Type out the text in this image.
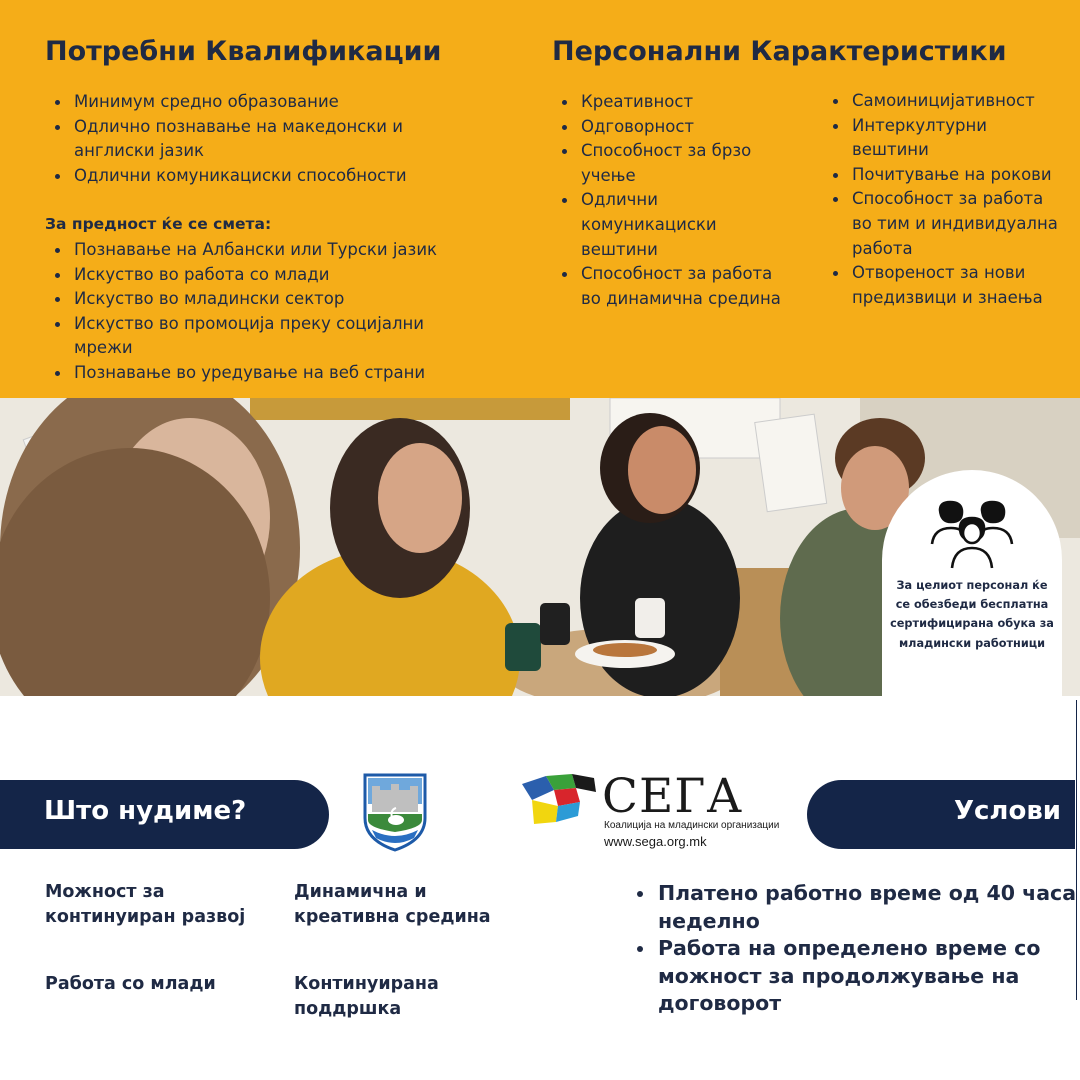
Потребни Квалификации
Минимум средно образование
Одлично познавање на македонски и англиски јазик
Одлични комуникациски способности
За предност ќе се смета:
Познавање на Албански или Турски јазик
Искуство во работа со млади
Искуство во младински сектор
Искуство во промоција преку социјални мрежи
Познавање во уредување на веб страни
Персонални Карактеристики
Креативност
Одговорност
Способност за брзо учење
Одлични комуникациски вештини
Способност за работа во динамична средина
Самоиницијативност
Интеркултурни вештини
Почитување на рокови
Способност за работа во тим и индивидуална работа
Отвореност за нови предизвици и знаења
За целиот персонал ќе се обезбеди бесплатна сертифицирана обука за младински работници
Што нудиме?	Услови
СЕГА
Коалиција на младински организации
www.sega.org.mk
Можност за континуиран развој
Динамична и креативна средина
Работа со млади	Континуирана поддршка
Платено работно време од 40 часа неделно
Работа на определено време со можност за продолжување на договорот
